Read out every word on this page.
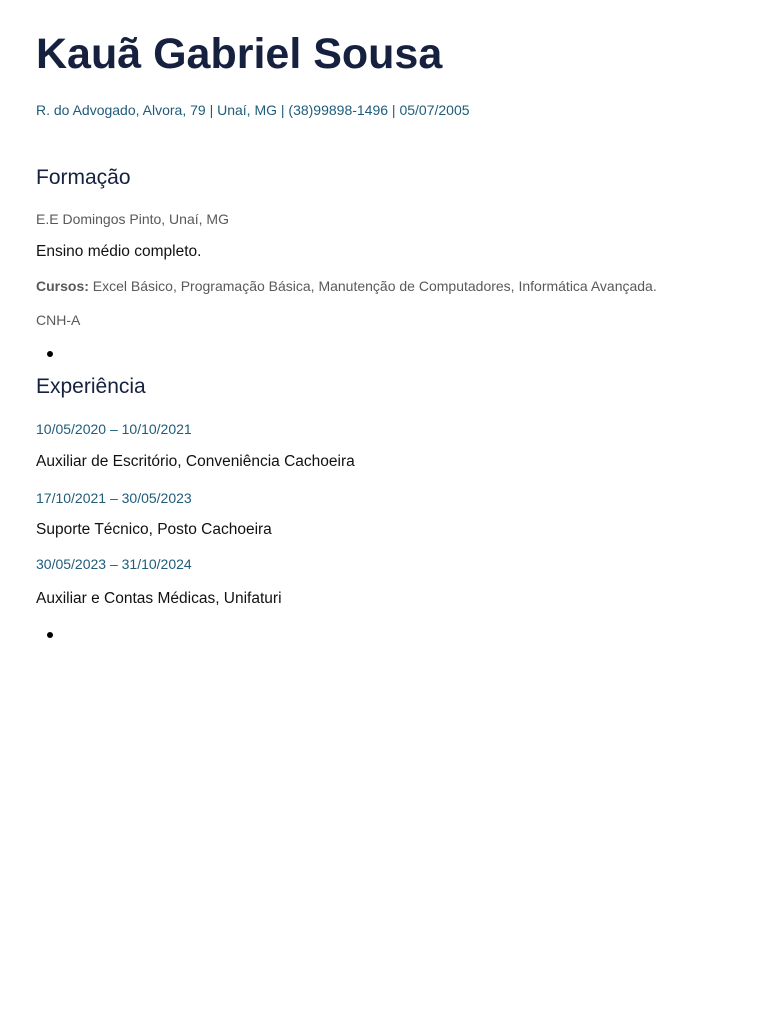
Kauã Gabriel Sousa
R. do Advogado, Alvora, 79 | Unaí, MG | (38)99898-1496 | 05/07/2005
Formação
E.E Domingos Pinto, Unaí, MG
Ensino médio completo.
Cursos: Excel Básico, Programação Básica, Manutenção de Computadores, Informática Avançada.
CNH-A
Experiência
10/05/2020 – 10/10/2021
Auxiliar de Escritório, Conveniência Cachoeira
17/10/2021 – 30/05/2023
Suporte Técnico, Posto Cachoeira
30/05/2023 – 31/10/2024
Auxiliar e Contas Médicas, Unifaturi
